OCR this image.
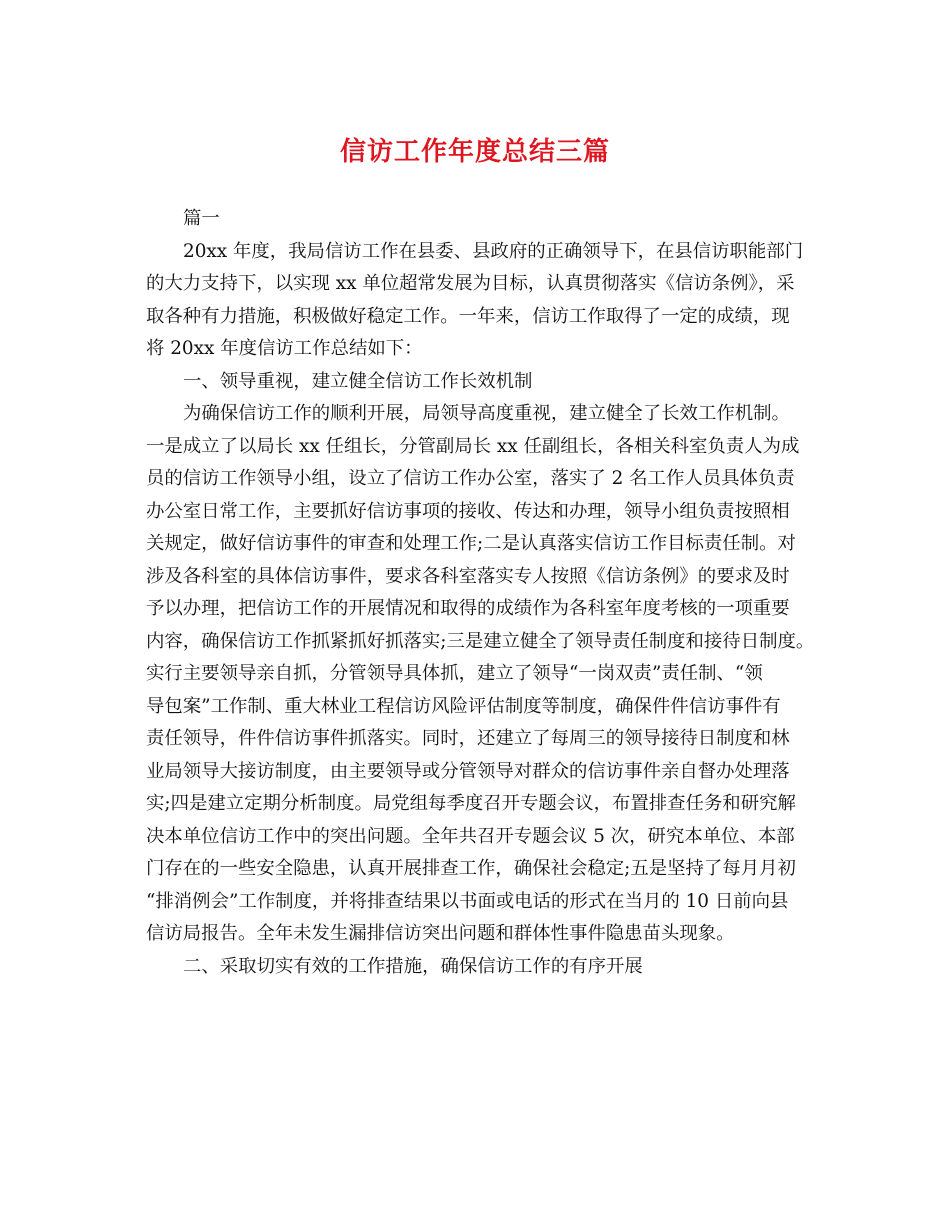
信访工作年度总结三篇

篇一

20xx 年度，我局信访工作在县委、县政府的正确领导下，在县信访职能部门

的大力支持下，以实现 xx 单位超常发展为目标，认真贯彻落实《信访条例》，采

取各种有力措施，积极做好稳定工作。一年来，信访工作取得了一定的成绩，现

将 20xx 年度信访工作总结如下：

一、领导重视，建立健全信访工作长效机制

为确保信访工作的顺利开展，局领导高度重视，建立健全了长效工作机制。

一是成立了以局长 xx 任组长，分管副局长 xx 任副组长，各相关科室负责人为成

员的信访工作领导小组，设立了信访工作办公室，落实了 2 名工作人员具体负责

办公室日常工作，主要抓好信访事项的接收、传达和办理，领导小组负责按照相

关规定，做好信访事件的审查和处理工作;二是认真落实信访工作目标责任制。对

涉及各科室的具体信访事件，要求各科室落实专人按照《信访条例》的要求及时

予以办理，把信访工作的开展情况和取得的成绩作为各科室年度考核的一项重要

内容，确保信访工作抓紧抓好抓落实;三是建立健全了领导责任制度和接待日制度。

实行主要领导亲自抓，分管领导具体抓，建立了领导“一岗双责”责任制、“领

导包案”工作制、重大林业工程信访风险评估制度等制度，确保件件信访事件有

责任领导，件件信访事件抓落实。同时，还建立了每周三的领导接待日制度和林

业局领导大接访制度，由主要领导或分管领导对群众的信访事件亲自督办处理落

实;四是建立定期分析制度。局党组每季度召开专题会议，布置排查任务和研究解

决本单位信访工作中的突出问题。全年共召开专题会议 5 次，研究本单位、本部

门存在的一些安全隐患，认真开展排查工作，确保社会稳定;五是坚持了每月月初

“排消例会”工作制度，并将排查结果以书面或电话的形式在当月的 10 日前向县

信访局报告。全年未发生漏排信访突出问题和群体性事件隐患苗头现象。

二、采取切实有效的工作措施，确保信访工作的有序开展
